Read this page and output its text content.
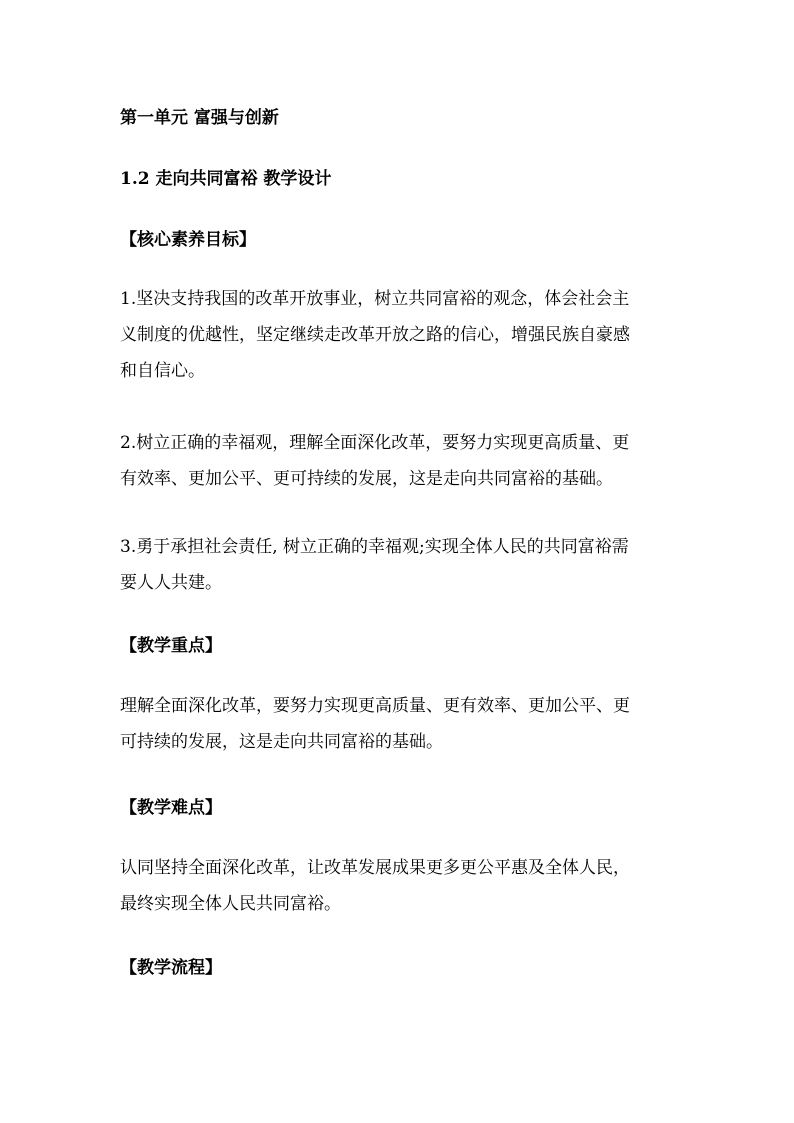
第一单元 富强与创新
1.2 走向共同富裕 教学设计
【核心素养目标】
1.坚决支持我国的改革开放事业，树立共同富裕的观念，体会社会主
义制度的优越性，坚定继续走改革开放之路的信心，增强民族自豪感
和自信心。
2.树立正确的幸福观，理解全面深化改革，要努力实现更高质量、更
有效率、更加公平、更可持续的发展，这是走向共同富裕的基础。
3.勇于承担社会责任, 树立正确的幸福观;实现全体人民的共同富裕需
要人人共建。
【教学重点】
理解全面深化改革，要努力实现更高质量、更有效率、更加公平、更
可持续的发展，这是走向共同富裕的基础。
【教学难点】
认同坚持全面深化改革，让改革发展成果更多更公平惠及全体人民，
最终实现全体人民共同富裕。
【教学流程】
